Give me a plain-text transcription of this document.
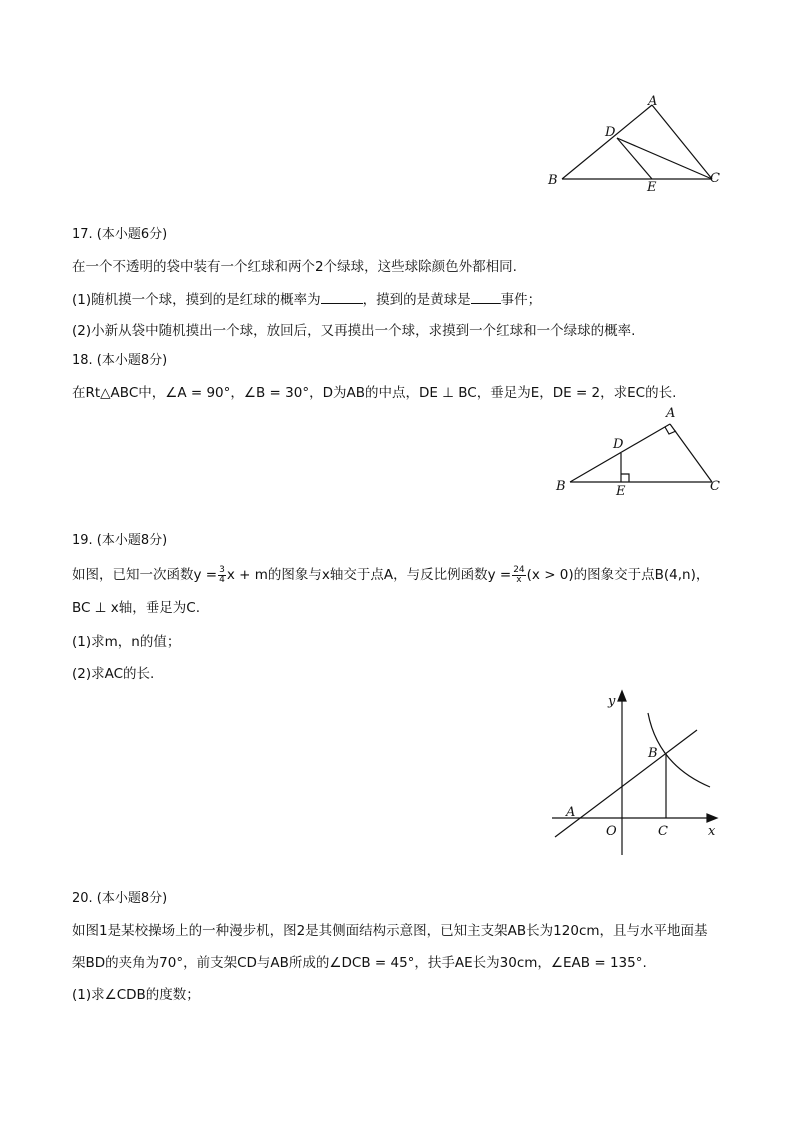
A
D
B	E
C
17. (本小题6分)
在一个不透明的袋中装有一个红球和两个2个绿球，这些球除颜色外都相同.
(1)随机摸一个球，摸到的是红球的概率为	，摸到的是黄球是 事件；
(2)小新从袋中随机摸出一个球，放回后，又再摸出一个球，求摸到一个红球和一个绿球的概率.
18. (本小题8分)
在Rt△ABC中，∠A = 90°，∠B = 30°，D为AB的中点，DE ⊥ BC，垂足为E，DE = 2，求EC的长.
A
D
B	E	C
19. (本小题8分)
如图，已知一次函数$y = \frac{3}{4}$ x + m的图象与x轴交于点A，与反比例函数$y = \frac{24}{x} (x > 0)$的图象交于点B(4,n)，
BC ⊥ x轴，垂足为C.
(1)求m，n的值；
(2)求AC的长.
y
x
O
A
B
C
20. (本小题8分)
如图1是某校操场上的一种漫步机，图2是其侧面结构示意图，已知主支架AB长为120cm，且与水平地面基
架BD的夹角为70°，前支架CD与AB所成的∠DCB = 45°，扶手AE长为30cm，∠EAB = 135°.
(1)求∠CDB的度数；
